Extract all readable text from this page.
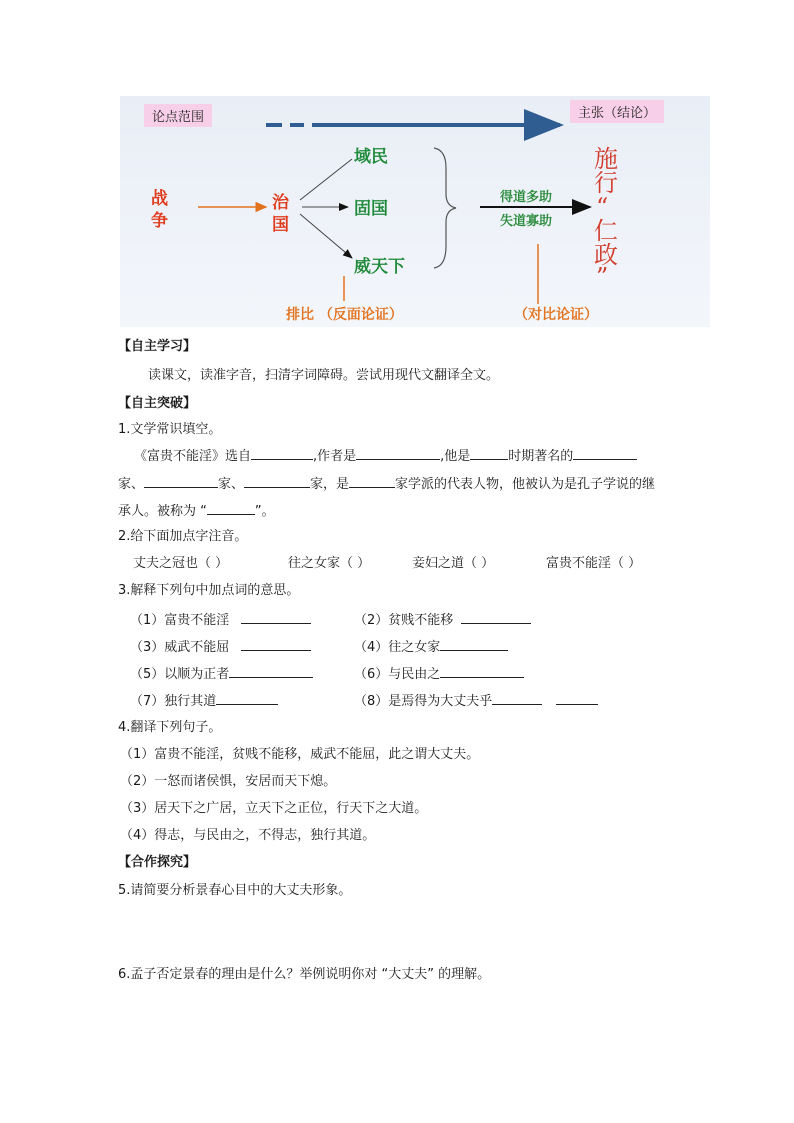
论点范围	主张（结论）
战
争
治
国
域民
固国
威天下
得道多助
失道寡助
施
行
“
仁
政
”
排比 （反面论证）	（对比论证）
【自主学习】
读课文，读准字音，扫清字词障碍。尝试用现代文翻译全文。
【自主突破】
1.文学常识填空。
《富贵不能淫》选自	,作者是	,他是	时期著名的
家、	家、	家，是	家学派的代表人物，他被认为是孔子学说的继
承人。被称为 “	”。
2.给下面加点字注音。
丈夫之冠也（ ）	往之女家（ ）	妾妇之道（ ）	富贵不能淫（ ）
3.解释下列句中加点词的意思。
（1）富贵不能淫	（2）贫贱不能移
（3）威武不能屈	（4）往之女家
（5）以顺为正者	（6）与民由之
（7）独行其道	（8）是焉得为大丈夫乎
4.翻译下列句子。
（1）富贵不能淫，贫贱不能移，威武不能屈，此之谓大丈夫。
（2）一怒而诸侯惧，安居而天下熄。
（3）居天下之广居，立天下之正位，行天下之大道。
（4）得志，与民由之，不得志，独行其道。
【合作探究】
5.请简要分析景春心目中的大丈夫形象。
6.孟子否定景春的理由是什么？举例说明你对 “大丈夫” 的理解。
